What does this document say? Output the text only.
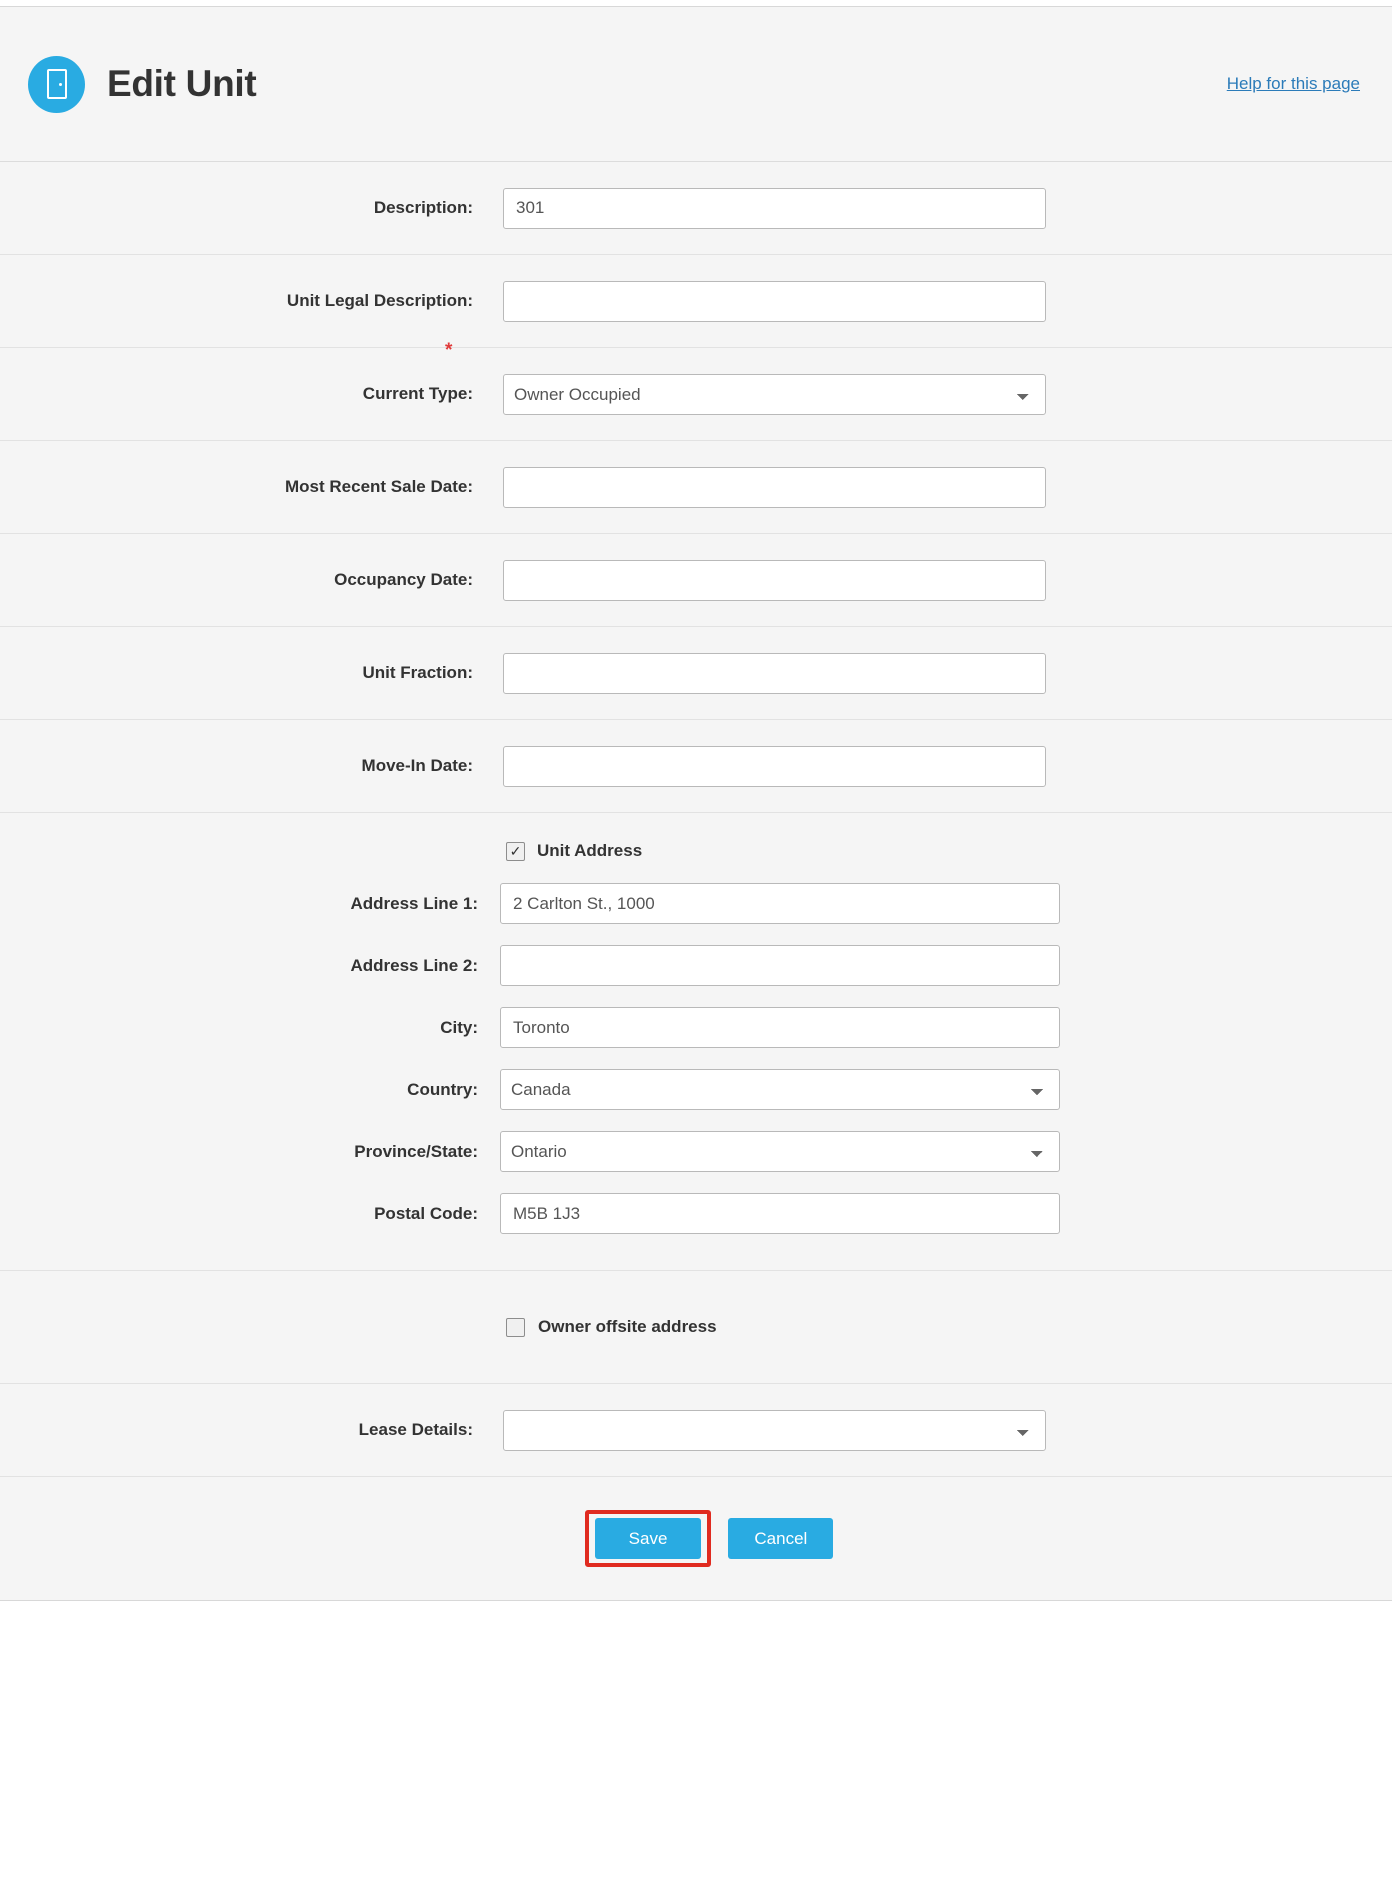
Edit Unit	Help for this page
Description:
301
*
Unit Legal Description:
Current Type:
Owner Occupied
Most Recent Sale Date:
Occupancy Date:
Unit Fraction:
Move-In Date:
✓ Unit Address
Address Line 1:
2 Carlton St., 1000
Address Line 2:
City:
Toronto
Country:
Canada
Province/State:
Ontario
Postal Code:
M5B 1J3
Owner offsite address
Lease Details:
Save	Cancel
